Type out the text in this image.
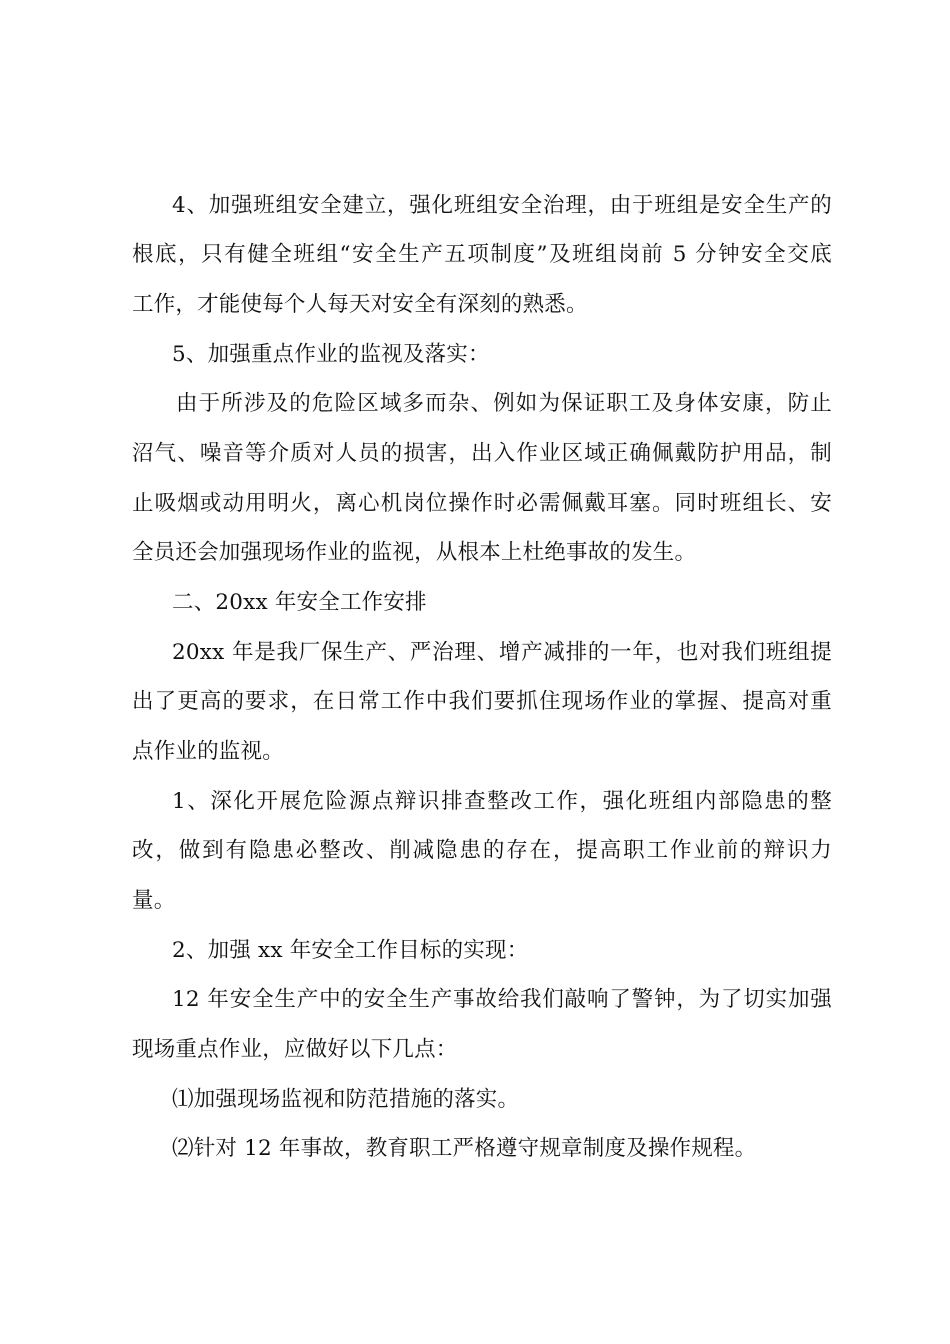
4、加强班组安全建立，强化班组安全治理，由于班组是安全生产的
根底，只有健全班组“安全生产五项制度”及班组岗前 5 分钟安全交底
工作，才能使每个人每天对安全有深刻的熟悉。
5、加强重点作业的监视及落实：
由于所涉及的危险区域多而杂、例如为保证职工及身体安康，防止
沼气、噪音等介质对人员的损害，出入作业区域正确佩戴防护用品，制
止吸烟或动用明火，离心机岗位操作时必需佩戴耳塞。同时班组长、安
全员还会加强现场作业的监视，从根本上杜绝事故的发生。
二、20xx 年安全工作安排
20xx 年是我厂保生产、严治理、增产减排的一年，也对我们班组提
出了更高的要求，在日常工作中我们要抓住现场作业的掌握、提高对重
点作业的监视。
1、深化开展危险源点辩识排查整改工作，强化班组内部隐患的整
改，做到有隐患必整改、削减隐患的存在，提高职工作业前的辩识力
量。
2、加强 xx 年安全工作目标的实现：
12 年安全生产中的安全生产事故给我们敲响了警钟，为了切实加强
现场重点作业，应做好以下几点：
⑴加强现场监视和防范措施的落实。
⑵针对 12 年事故，教育职工严格遵守规章制度及操作规程。
